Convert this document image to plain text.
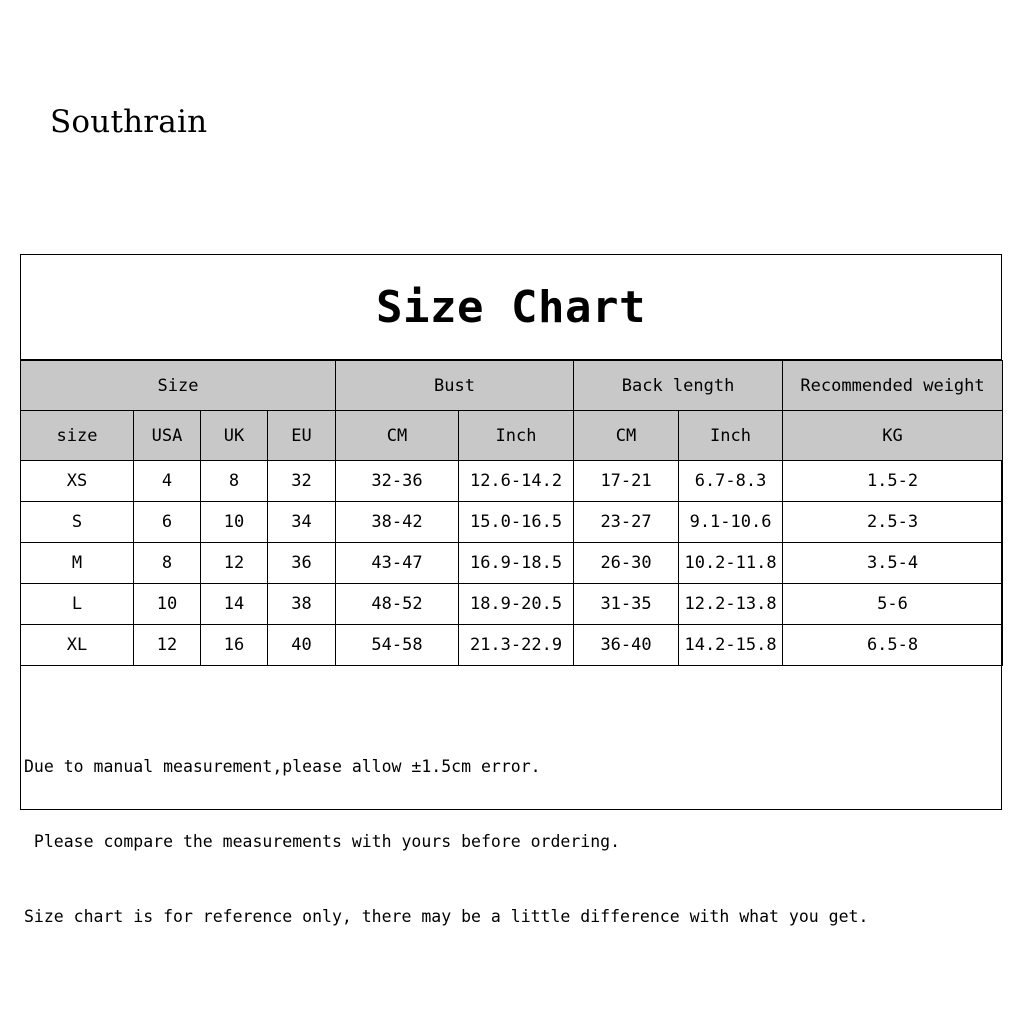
Southrain
Size Chart
Size				Bust		Back length		Recommended weight
size	USA	UK	EU	CM	Inch	CM	Inch	KG
XS	4	8	32	32-36	12.6-14.2	17-21	6.7-8.3	1.5-2
S	6	10	34	38-42	15.0-16.5	23-27	9.1-10.6	2.5-3
M	8	12	36	43-47	16.9-18.5	26-30	10.2-11.8	3.5-4
L	10	14	38	48-52	18.9-20.5	31-35	12.2-13.8	5-6
XL	12	16	40	54-58	21.3-22.9	36-40	14.2-15.8	6.5-8

Due to manual measurement,please allow ±1.5cm error.

Please compare the measurements with yours before ordering.

Size chart is for reference only, there may be a little difference with what you get.
